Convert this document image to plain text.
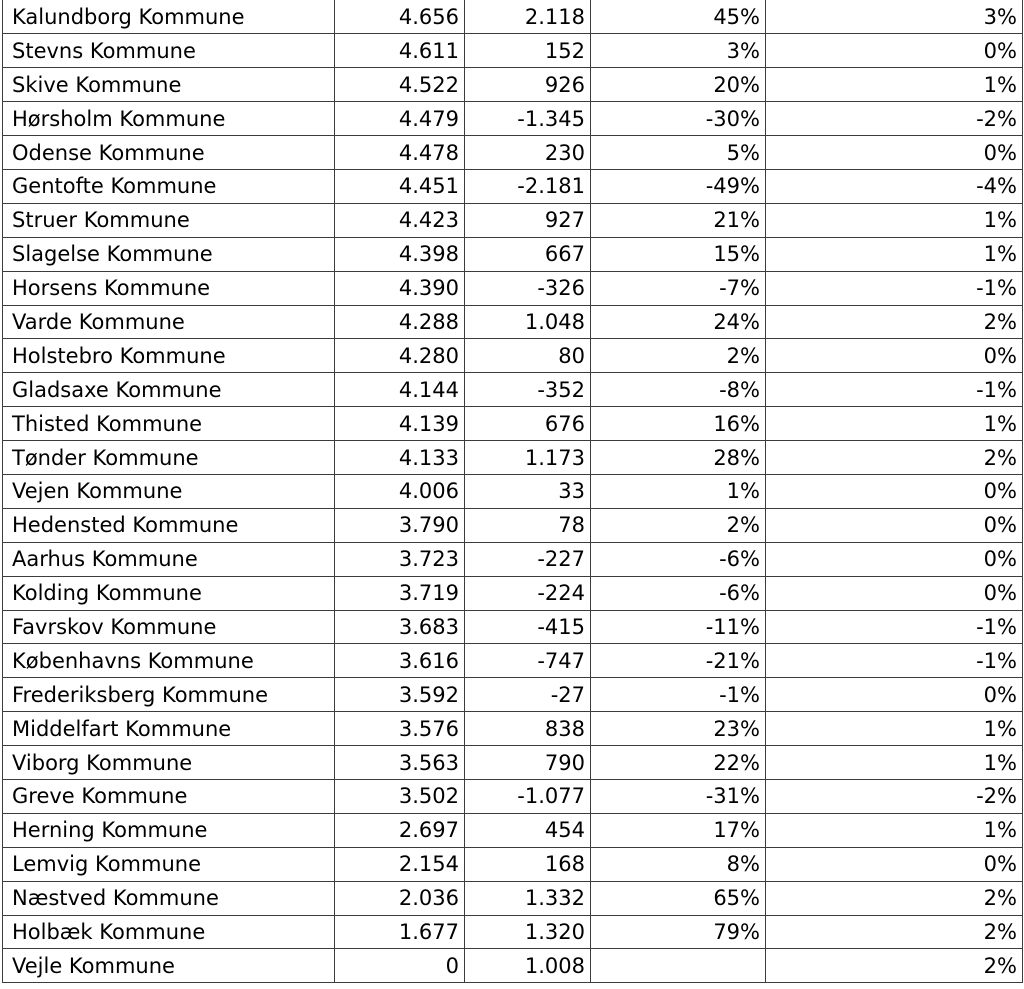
Kalundborg Kommune	4.656	2.118	45%	3%
Stevns Kommune	4.611	152	3%	0%
Skive Kommune	4.522	926	20%	1%
Hørsholm Kommune	4.479	-1.345	-30%	-2%
Odense Kommune	4.478	230	5%	0%
Gentofte Kommune	4.451	-2.181	-49%	-4%
Struer Kommune	4.423	927	21%	1%
Slagelse Kommune	4.398	667	15%	1%
Horsens Kommune	4.390	-326	-7%	-1%
Varde Kommune	4.288	1.048	24%	2%
Holstebro Kommune	4.280	80	2%	0%
Gladsaxe Kommune	4.144	-352	-8%	-1%
Thisted Kommune	4.139	676	16%	1%
Tønder Kommune	4.133	1.173	28%	2%
Vejen Kommune	4.006	33	1%	0%
Hedensted Kommune	3.790	78	2%	0%
Aarhus Kommune	3.723	-227	-6%	0%
Kolding Kommune	3.719	-224	-6%	0%
Favrskov Kommune	3.683	-415	-11%	-1%
Københavns Kommune	3.616	-747	-21%	-1%
Frederiksberg Kommune	3.592	-27	-1%	0%
Middelfart Kommune	3.576	838	23%	1%
Viborg Kommune	3.563	790	22%	1%
Greve Kommune	3.502	-1.077	-31%	-2%
Herning Kommune	2.697	454	17%	1%
Lemvig Kommune	2.154	168	8%	0%
Næstved Kommune	2.036	1.332	65%	2%
Holbæk Kommune	1.677	1.320	79%	2%
Vejle Kommune	0	1.008		2%
